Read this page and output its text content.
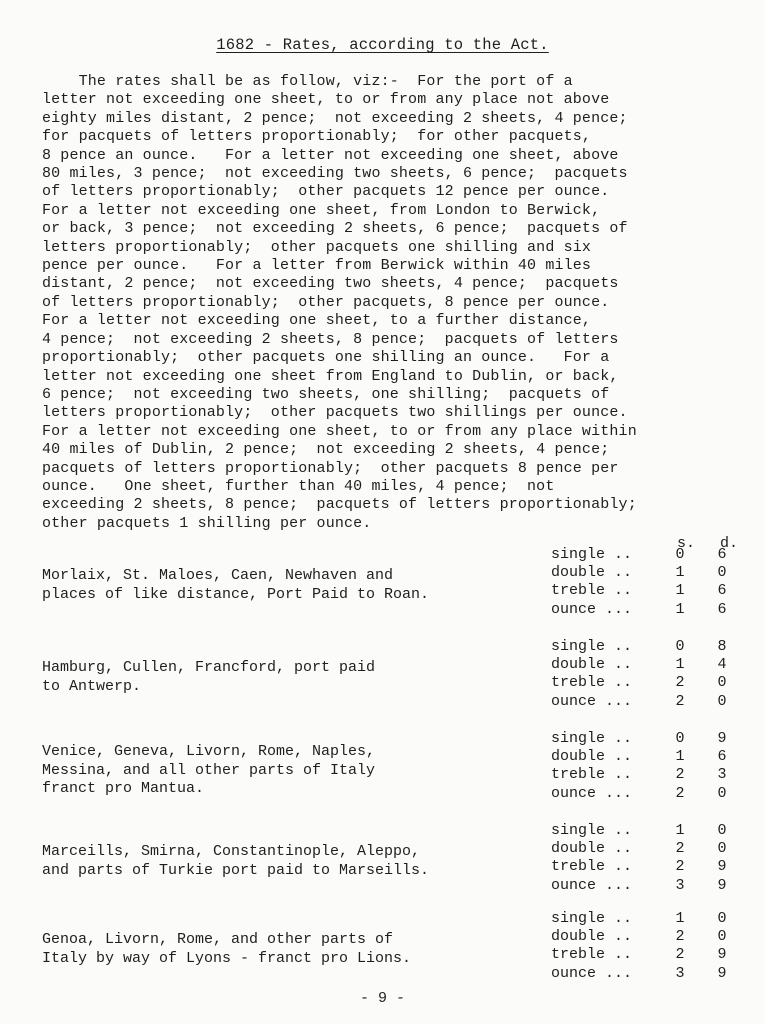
1682 - Rates, according to the Act.
The rates shall be as follow, viz:-  For the port of a
letter not exceeding one sheet, to or from any place not above
eighty miles distant, 2 pence;  not exceeding 2 sheets, 4 pence;
for pacquets of letters proportionably;  for other pacquets,
8 pence an ounce.   For a letter not exceeding one sheet, above
80 miles, 3 pence;  not exceeding two sheets, 6 pence;  pacquets
of letters proportionably;  other pacquets 12 pence per ounce.
For a letter not exceeding one sheet, from London to Berwick,
or back, 3 pence;  not exceeding 2 sheets, 6 pence;  pacquets of
letters proportionably;  other pacquets one shilling and six
pence per ounce.   For a letter from Berwick within 40 miles
distant, 2 pence;  not exceeding two sheets, 4 pence;  pacquets
of letters proportionably;  other pacquets, 8 pence per ounce.
For a letter not exceeding one sheet, to a further distance,
4 pence;  not exceeding 2 sheets, 8 pence;  pacquets of letters
proportionably;  other pacquets one shilling an ounce.   For a
letter not exceeding one sheet from England to Dublin, or back,
6 pence;  not exceeding two sheets, one shilling;  pacquets of
letters proportionably;  other pacquets two shillings per ounce.
For a letter not exceeding one sheet, to or from any place within
40 miles of Dublin, 2 pence;  not exceeding 2 sheets, 4 pence;
pacquets of letters proportionably;  other pacquets 8 pence per
ounce.   One sheet, further than 40 miles, 4 pence;  not
exceeding 2 sheets, 8 pence;  pacquets of letters proportionably;
other pacquets 1 shilling per ounce.
s. d.
Morlaix, St. Maloes, Caen, Newhaven and
places of like distance, Port Paid to Roan.
single ..	0 6
double ..	1 0
treble ..	1 6
ounce ...	1 6
Hamburg, Cullen, Francford, port paid
to Antwerp.
single ..	0 8
double ..	1 4
treble ..	2 0
ounce ...	2 0
Venice, Geneva, Livorn, Rome, Naples,
Messina, and all other parts of Italy
franct pro Mantua.
single ..	0 9
double ..	1 6
treble ..	2 3
ounce ...	2 0
Marceills, Smirna, Constantinople, Aleppo,
and parts of Turkie port paid to Marseills.
single ..	1 0
double ..	2 0
treble ..	2 9
ounce ...	3 9
Genoa, Livorn, Rome, and other parts of
Italy by way of Lyons - franct pro Lions.
single ..	1 0
double ..	2 0
treble ..	2 9
ounce ...	3 9
- 9 -
